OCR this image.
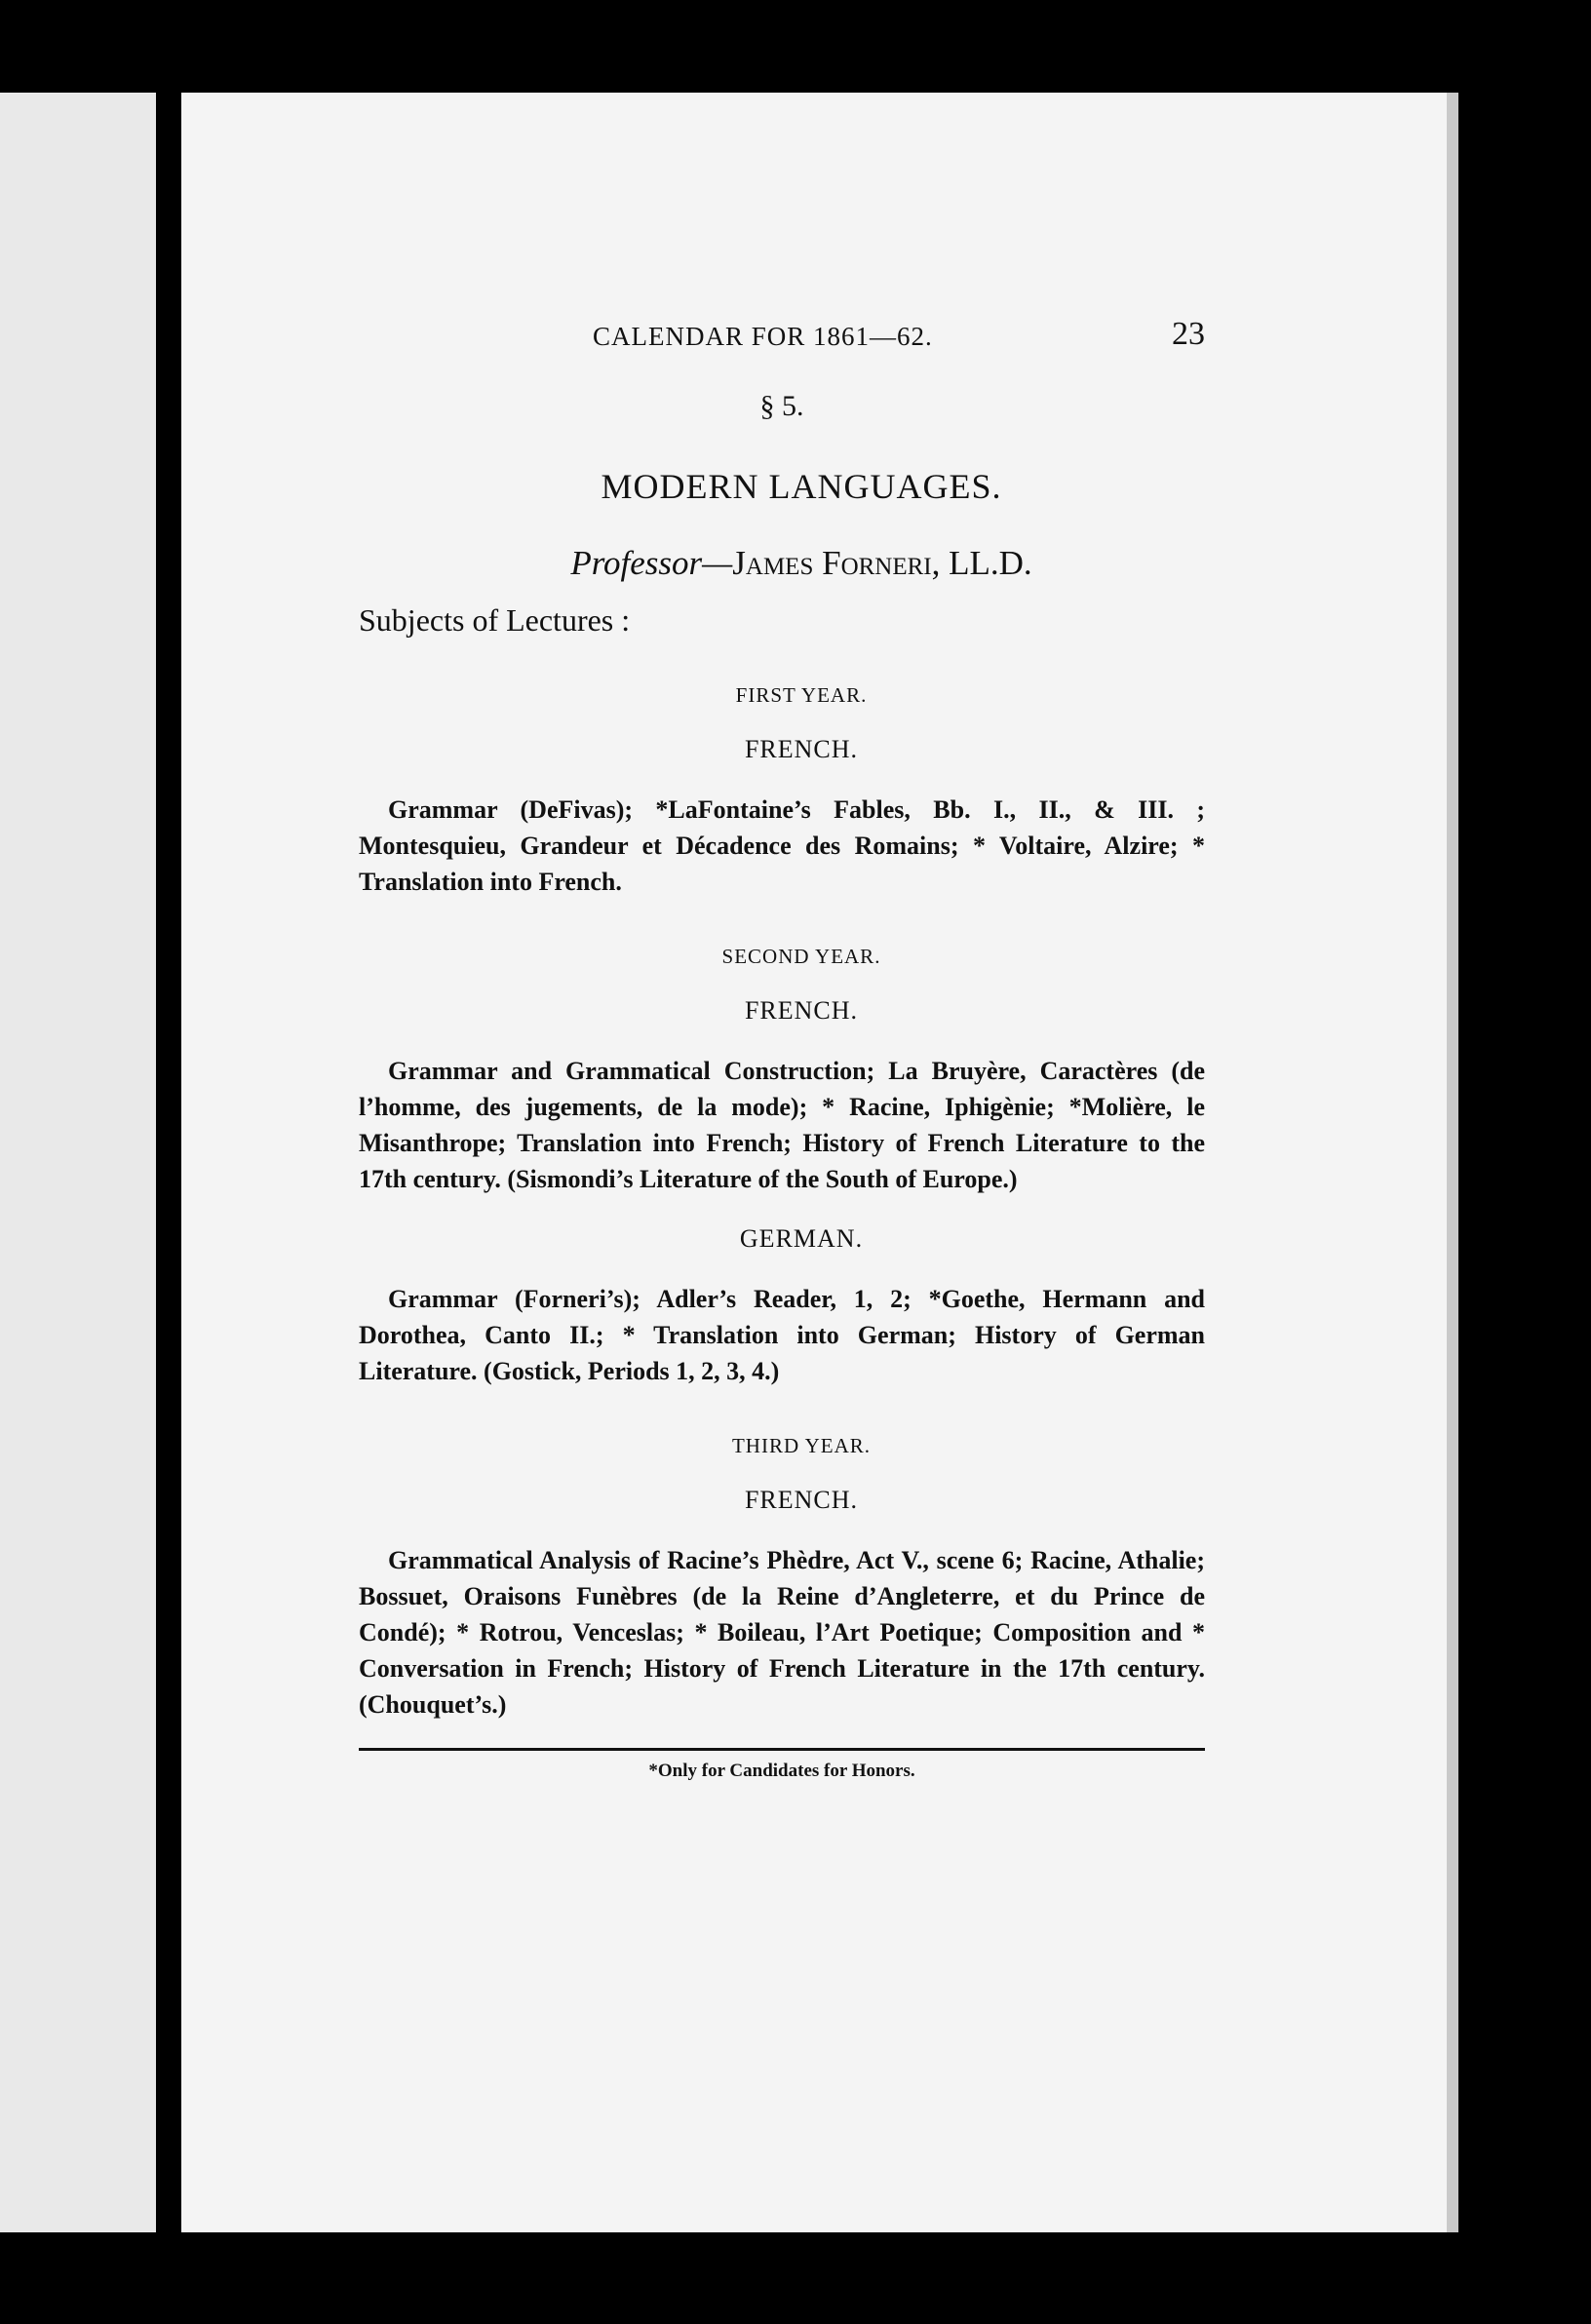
CALENDAR FOR 1861—62.	23
§ 5.
MODERN LANGUAGES.
Professor—James Forneri, LL.D.
Subjects of Lectures :
FIRST YEAR.
FRENCH.

Grammar (DeFivas); *LaFontaine’s Fables, Bb. I., II., & III. ; Montesquieu, Grandeur et Décadence des Romains; * Voltaire, Alzire; * Translation into French.

SECOND YEAR.
FRENCH.

Grammar and Grammatical Construction; La Bruyère, Caractères (de l’homme, des jugements, de la mode); * Racine, Iphigènie; *Molière, le Misanthrope; Translation into French; History of French Literature to the 17th century. (Sismondi’s Literature of the South of Europe.)

GERMAN.

Grammar (Forneri’s); Adler’s Reader, 1, 2; *Goethe, Hermann and Dorothea, Canto II.; * Translation into German; History of German Literature. (Gostick, Periods 1, 2, 3, 4.)

THIRD YEAR.
FRENCH.

Grammatical Analysis of Racine’s Phèdre, Act V., scene 6; Racine, Athalie; Bossuet, Oraisons Funèbres (de la Reine d’Angleterre, et du Prince de Condé); * Rotrou, Venceslas; * Boileau, l’Art Poetique; Composition and * Conversation in French; History of French Literature in the 17th century. (Chouquet’s.)

*Only for Candidates for Honors.
